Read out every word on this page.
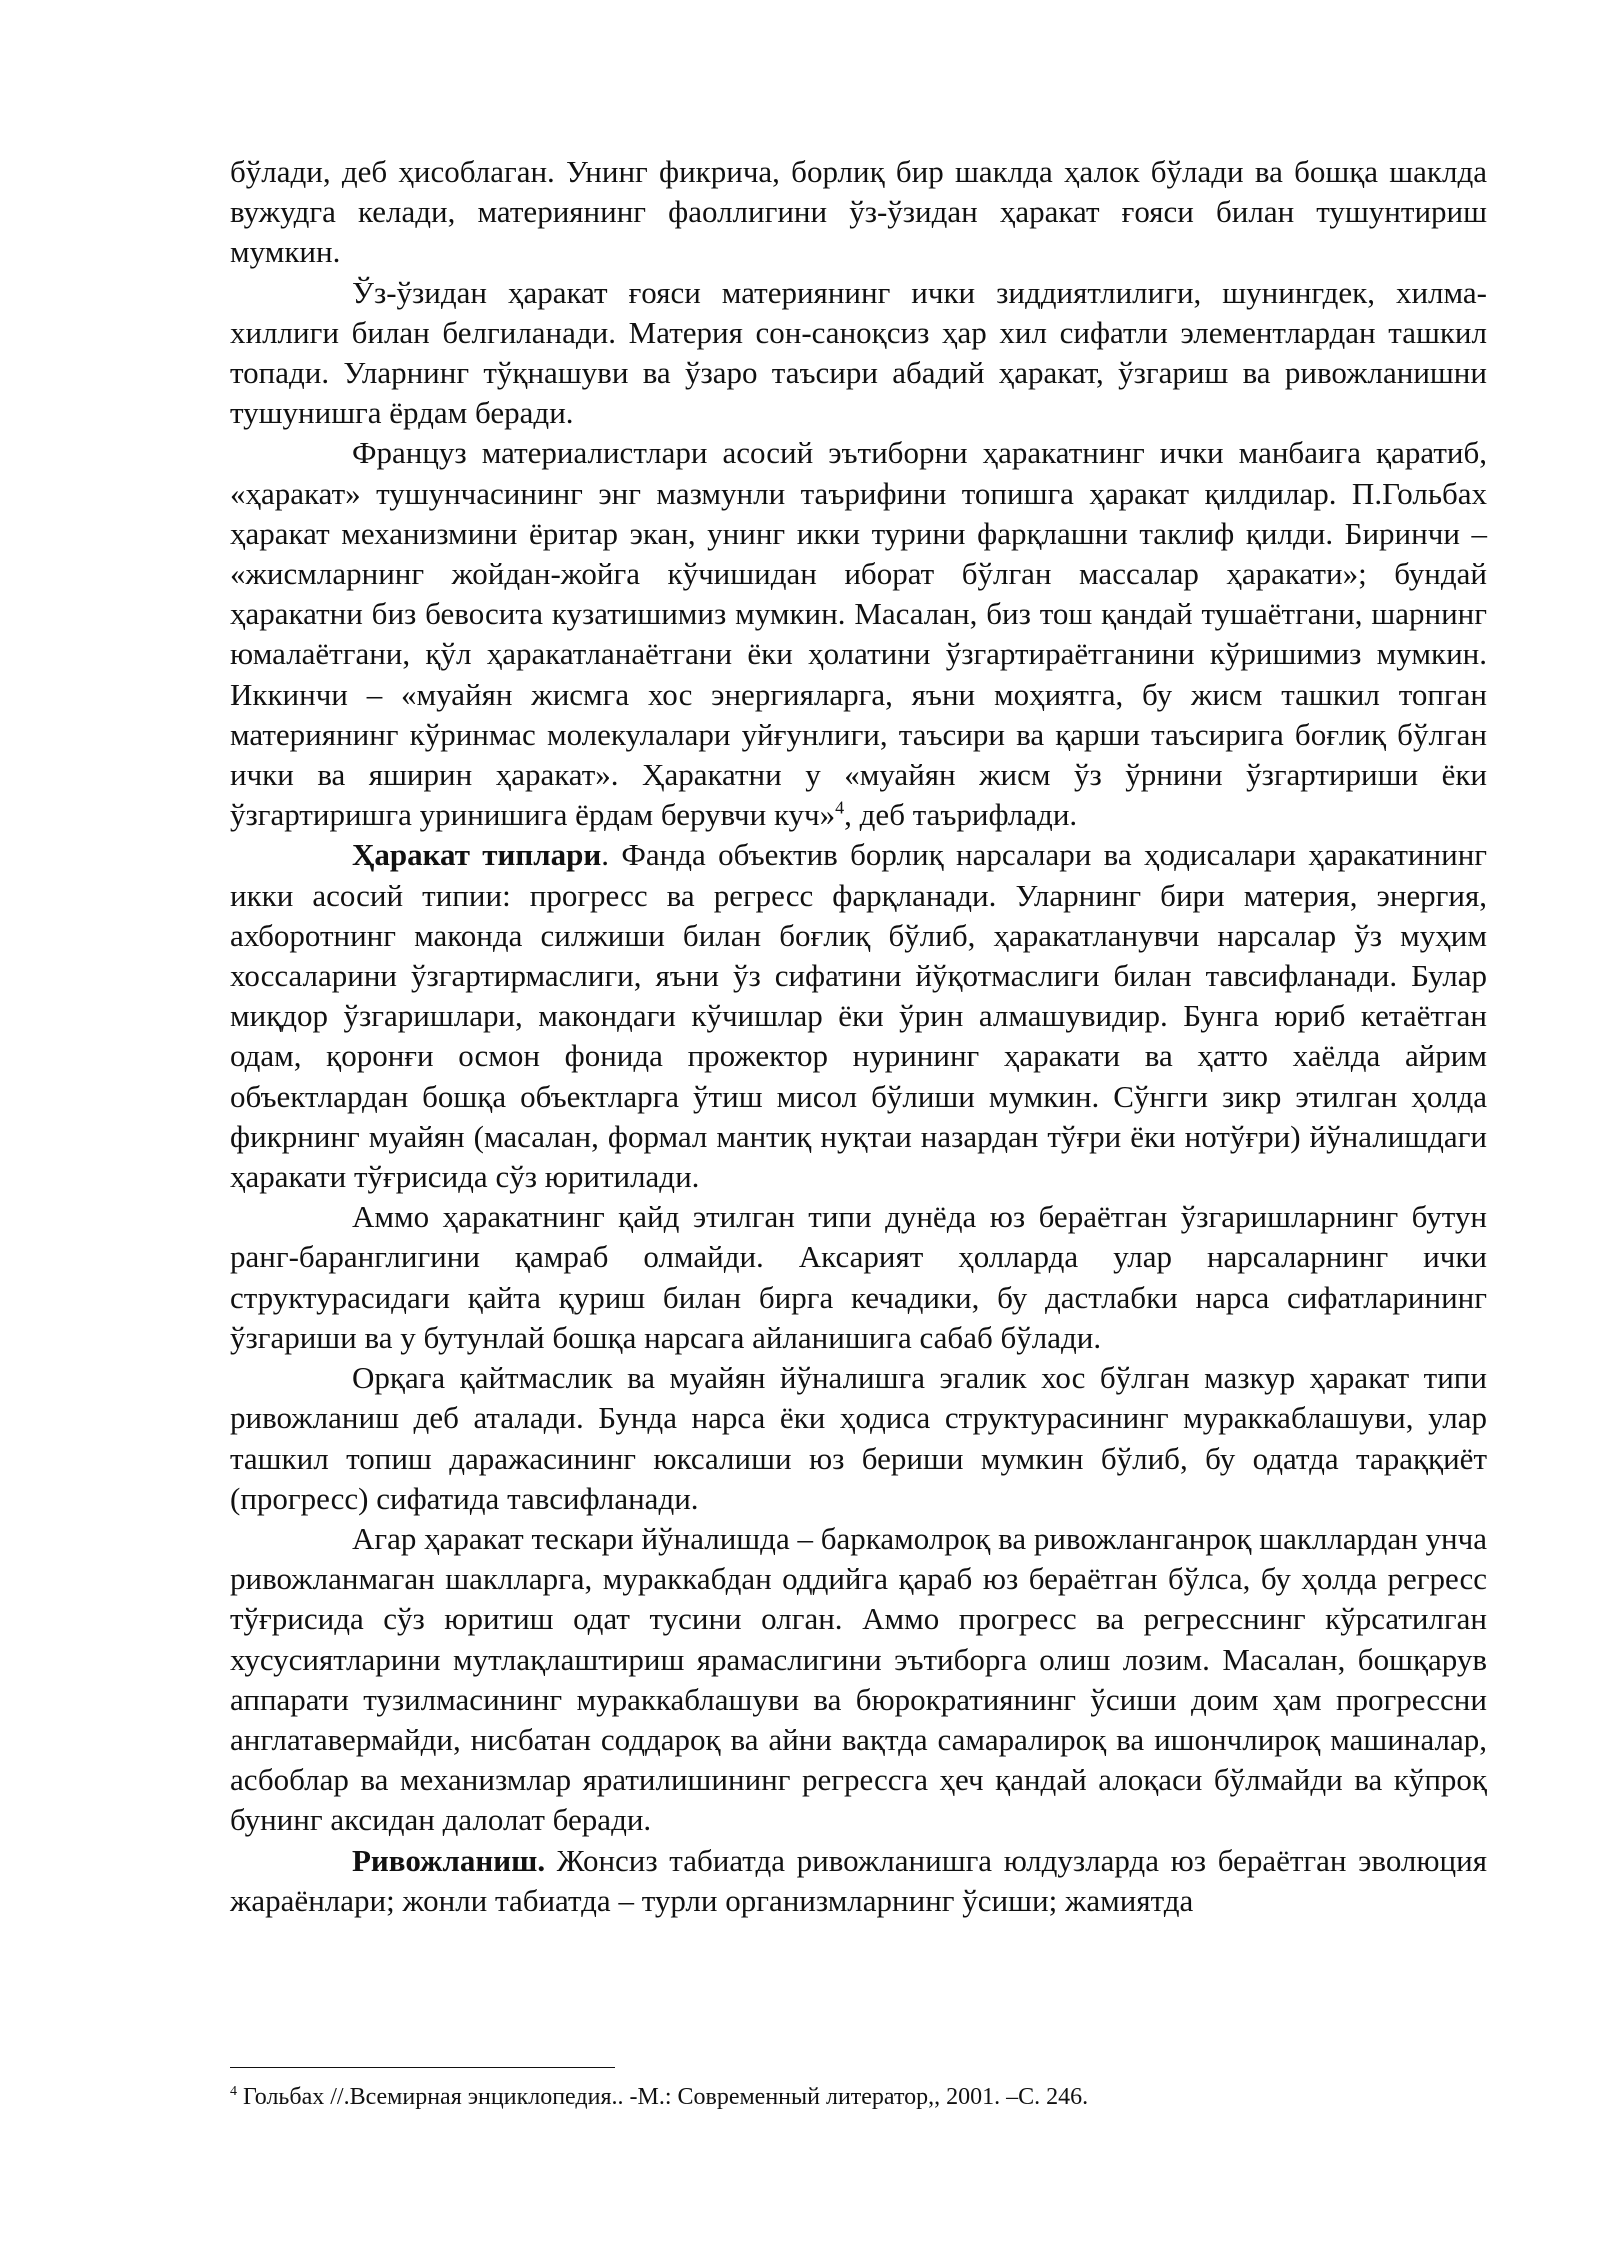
бўлади, деб ҳисоблаган. Унинг фикрича, борлиқ бир шаклда ҳалок бўлади ва бошқа шаклда вужудга келади, материянинг фаоллигини ўз-ўзидан ҳаракат ғояси билан тушунтириш мумкин.

Ўз-ўзидан ҳаракат ғояси материянинг ички зиддиятлилиги, шунингдек, хилма-хиллиги билан белгиланади. Материя сон-саноқсиз ҳар хил сифатли элементлардан ташкил топади. Уларнинг тўқнашуви ва ўзаро таъсири абадий ҳаракат, ўзгариш ва ривожланишни тушунишга ёрдам беради.

Француз материалистлари асосий эътиборни ҳаракатнинг ички манбаига қаратиб, «ҳаракат» тушунчасининг энг мазмунли таърифини топишга ҳаракат қилдилар. П.Гольбах ҳаракат механизмини ёритар экан, унинг икки турини фарқлашни таклиф қилди. Биринчи – «жисмларнинг жойдан-жойга кўчишидан иборат бўлган массалар ҳаракати»; бундай ҳаракатни биз бевосита кузатишимиз мумкин. Масалан, биз тош қандай тушаётгани, шарнинг юмалаётгани, қўл ҳаракатланаётгани ёки ҳолатини ўзгартираётганини кўришимиз мумкин. Иккинчи – «муайян жисмга хос энергияларга, яъни моҳиятга, бу жисм ташкил топган материянинг кўринмас молекулалари уйғунлиги, таъсири ва қарши таъсирига боғлиқ бўлган ички ва яширин ҳаракат». Ҳаракатни у «муайян жисм ўз ўрнини ўзгартириши ёки ўзгартиришга уринишига ёрдам берувчи куч»$^4$, деб таърифлади.

Ҳаракат типлари. Фанда объектив борлиқ нарсалари ва ҳодисалари ҳаракатининг икки асосий типии: прогресс ва регресс фарқланади. Уларнинг бири материя, энергия, ахборотнинг маконда силжиши билан боғлиқ бўлиб, ҳаракатланувчи нарсалар ўз муҳим хоссаларини ўзгартирмаслиги, яъни ўз сифатини йўқотмаслиги билан тавсифланади. Булар миқдор ўзгаришлари, макондаги кўчишлар ёки ўрин алмашувидир. Бунга юриб кетаётган одам, қоронғи осмон фонида прожектор нурининг ҳаракати ва ҳатто хаёлда айрим объектлардан бошқа объектларга ўтиш мисол бўлиши мумкин. Сўнгги зикр этилган ҳолда фикрнинг муайян (масалан, формал мантиқ нуқтаи назардан тўғри ёки нотўғри) йўналишдаги ҳаракати тўғрисида сўз юритилади.

Аммо ҳаракатнинг қайд этилган типи дунёда юз бераётган ўзгаришларнинг бутун ранг-баранглигини қамраб олмайди. Аксарият ҳолларда улар нарсаларнинг ички структурасидаги қайта қуриш билан бирга кечадики, бу дастлабки нарса сифатларининг ўзгариши ва у бутунлай бошқа нарсага айланишига сабаб бўлади.

Орқага қайтмаслик ва муайян йўналишга эгалик хос бўлган мазкур ҳаракат типи ривожланиш деб аталади. Бунда нарса ёки ҳодиса структурасининг мураккаблашуви, улар ташкил топиш даражасининг юксалиши юз бериши мумкин бўлиб, бу одатда тараққиёт (прогресс) сифатида тавсифланади.

Агар ҳаракат тескари йўналишда – баркамолроқ ва ривожланганроқ шакллардан унча ривожланмаган шаклларга, мураккабдан оддийга қараб юз бераётган бўлса, бу ҳолда регресс тўғрисида сўз юритиш одат тусини олган. Аммо прогресс ва регресснинг кўрсатилган хусусиятларини мутлақлаштириш ярамаслигини эътиборга олиш лозим. Масалан, бошқарув аппарати тузилмасининг мураккаблашуви ва бюрократиянинг ўсиши доим ҳам прогрессни англатавермайди, нисбатан соддароқ ва айни вақтда самаралироқ ва ишончлироқ машиналар, асбоблар ва механизмлар яратилишининг регрессга ҳеч қандай алоқаси бўлмайди ва кўпроқ бунинг аксидан далолат беради.

Ривожланиш. Жонсиз табиатда ривожланишга юлдузларда юз бераётган эволюция жараёнлари; жонли табиатда – турли организмларнинг ўсиши; жамиятда

$^4$ Гольбах //.Всемирная энциклопедия.. -М.: Современный литератор,, 2001. –С. 246.
